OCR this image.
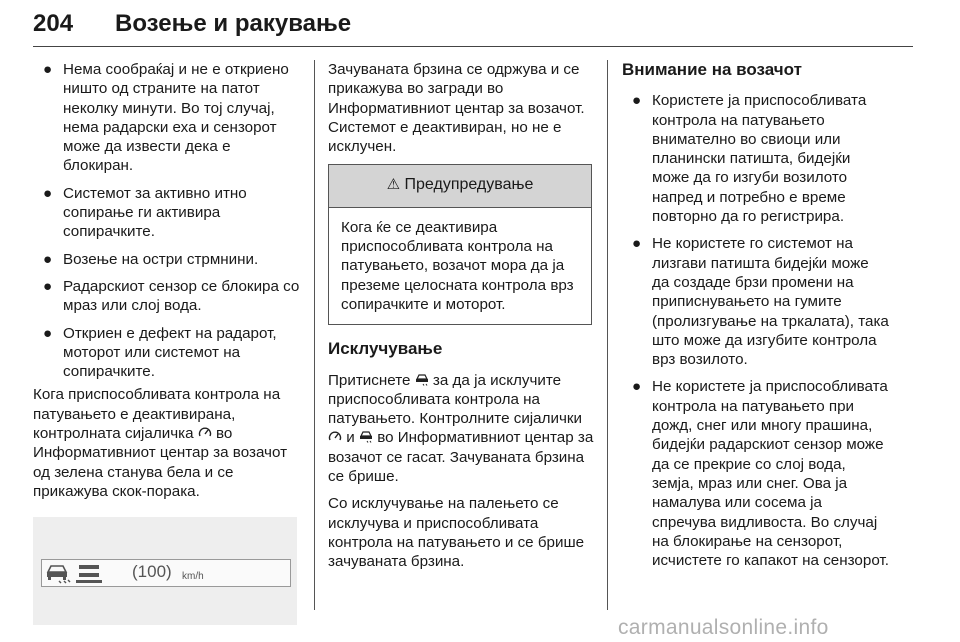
204 Возење и ракување
● Нема сообраќај и не е откриено ништо од страните на патот неколку минути. Во тој случај, нема радарски еха и сензорот може да извести дека е блокиран.
● Системот за активно итно сопирање ги активира сопирачките.
● Возење на остри стрмнини.
● Радарскиот сензор се блокира со мраз или слој вода.
● Откриен е дефект на радарот, моторот или системот на сопирачките.

Кога приспособливата контрола на патувањето е деактивирана, контролната сијаличка во Информативниот центар за возачот од зелена станува бела и се прикажува скок-порака.

(100) km/h

Зачуваната брзина се одржува и се прикажува во загради во Информативниот центар за возачот. Системот е деактивиран, но не е исклучен.

⚠ Предупредување
Кога ќе се деактивира приспособливата контрола на патувањето, возачот мора да ја преземе целосната контрола врз сопирачките и моторот.
Исклучување

Притиснете за да ја исклучите приспособливата контрола на патувањето. Контролните сијалички  и во Информативниот центар за возачот се гасат. Зачуваната брзина се брише.

Со исклучување на палењето се исклучува и приспособливата контрола на патувањето и се брише зачуваната брзина.

Внимание на возачот
● Користете ја приспособливата контрола на патувањето внимателно во свиоци или планински патишта, бидејќи може да го изгуби возилото напред и потребно е време повторно да го регистрира.
● Не користете го системот на лизгави патишта бидејќи може да создаде брзи промени на приписнувањето на гумите (пролизгување на тркалата), така што може да изгубите контрола врз возилото.
● Не користете ја приспособливата контрола на патувањето при дожд, снег или многу прашина, бидејќи радарскиот сензор може да се прекрие со слој вода, земја, мраз или снег. Ова ја намалува или сосема ја спречува видливоста. Во случај на блокирање на сензорот, исчистете го капакот на сензорот.
carmanualsonline.info
